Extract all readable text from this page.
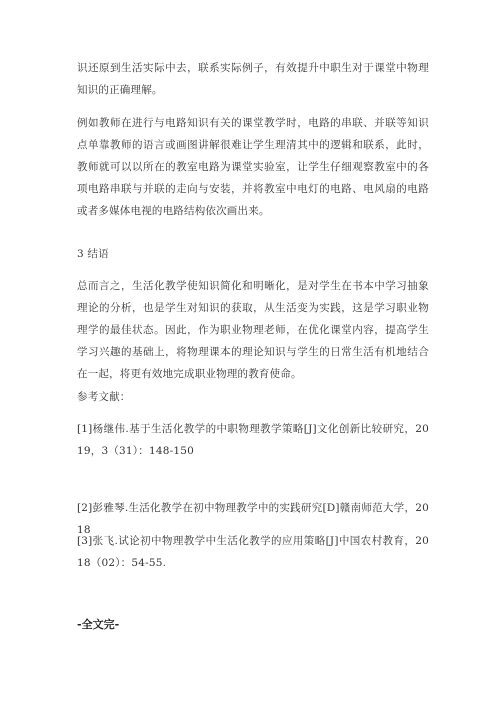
识还原到生活实际中去，联系实际例子，有效提升中职生对于课堂中物理知识的正确理解。

例如教师在进行与电路知识有关的课堂教学时，电路的串联、并联等知识点单靠教师的语言或画图讲解很难让学生理清其中的逻辑和联系，此时，教师就可以以所在的教室电路为课堂实验室，让学生仔细观察教室中的各项电路串联与并联的走向与安装，并将教室中电灯的电路、电风扇的电路或者多媒体电视的电路结构依次画出来。

3 结语

总而言之，生活化教学使知识简化和明晰化，是对学生在书本中学习抽象理论的分析，也是学生对知识的获取，从生活变为实践，这是学习职业物理学的最佳状态。因此，作为职业物理老师，在优化课堂内容，提高学生学习兴趣的基础上，将物理课本的理论知识与学生的日常生活有机地结合在一起，将更有效地完成职业物理的教育使命。

参考文献：

[1]杨继伟.基于生活化教学的中职物理教学策略[J]文化创新比较研究，2019，3（31）：148-150

[2]彭雅琴.生活化教学在初中物理教学中的实践研究[D]赣南师范大学，2018

[3]张飞.试论初中物理教学中生活化教学的应用策略[J]中国农村教育，2018（02）：54-55.

-全文完-
